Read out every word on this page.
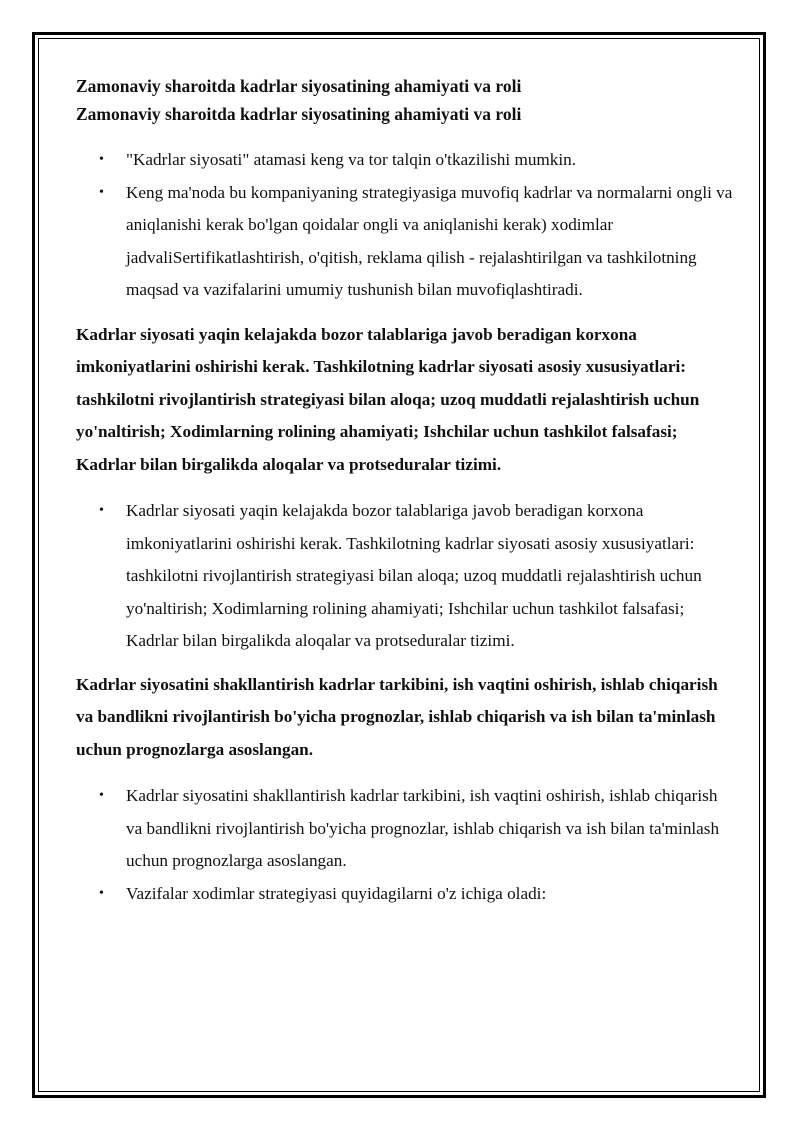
Zamonaviy sharoitda kadrlar siyosatining ahamiyati va roli

Zamonaviy sharoitda kadrlar siyosatining ahamiyati va roli

• "Kadrlar siyosati" atamasi keng va tor talqin o'tkazilishi mumkin.
• Keng ma'noda bu kompaniyaning strategiyasiga muvofiq kadrlar va normalarni ongli va aniqlanishi kerak bo'lgan qoidalar ongli va aniqlanishi kerak) xodimlar jadvaliSertifikatlashtirish, o'qitish, reklama qilish - rejalashtirilgan va tashkilotning maqsad va vazifalarini umumiy tushunish bilan muvofiqlashtiradi.

Kadrlar siyosati yaqin kelajakda bozor talablariga javob beradigan korxona imkoniyatlarini oshirishi kerak. Tashkilotning kadrlar siyosati asosiy xususiyatlari: tashkilotni rivojlantirish strategiyasi bilan aloqa; uzoq muddatli rejalashtirish uchun yo'naltirish; Xodimlarning rolining ahamiyati; Ishchilar uchun tashkilot falsafasi; Kadrlar bilan birgalikda aloqalar va protseduralar tizimi.

• Kadrlar siyosati yaqin kelajakda bozor talablariga javob beradigan korxona imkoniyatlarini oshirishi kerak. Tashkilotning kadrlar siyosati asosiy xususiyatlari: tashkilotni rivojlantirish strategiyasi bilan aloqa; uzoq muddatli rejalashtirish uchun yo'naltirish; Xodimlarning rolining ahamiyati; Ishchilar uchun tashkilot falsafasi; Kadrlar bilan birgalikda aloqalar va protseduralar tizimi.

Kadrlar siyosatini shakllantirish kadrlar tarkibini, ish vaqtini oshirish, ishlab chiqarish va bandlikni rivojlantirish bo'yicha prognozlar, ishlab chiqarish va ish bilan ta'minlash uchun prognozlarga asoslangan.

• Kadrlar siyosatini shakllantirish kadrlar tarkibini, ish vaqtini oshirish, ishlab chiqarish va bandlikni rivojlantirish bo'yicha prognozlar, ishlab chiqarish va ish bilan ta'minlash uchun prognozlarga asoslangan.
• Vazifalar xodimlar strategiyasi quyidagilarni o'z ichiga oladi:
